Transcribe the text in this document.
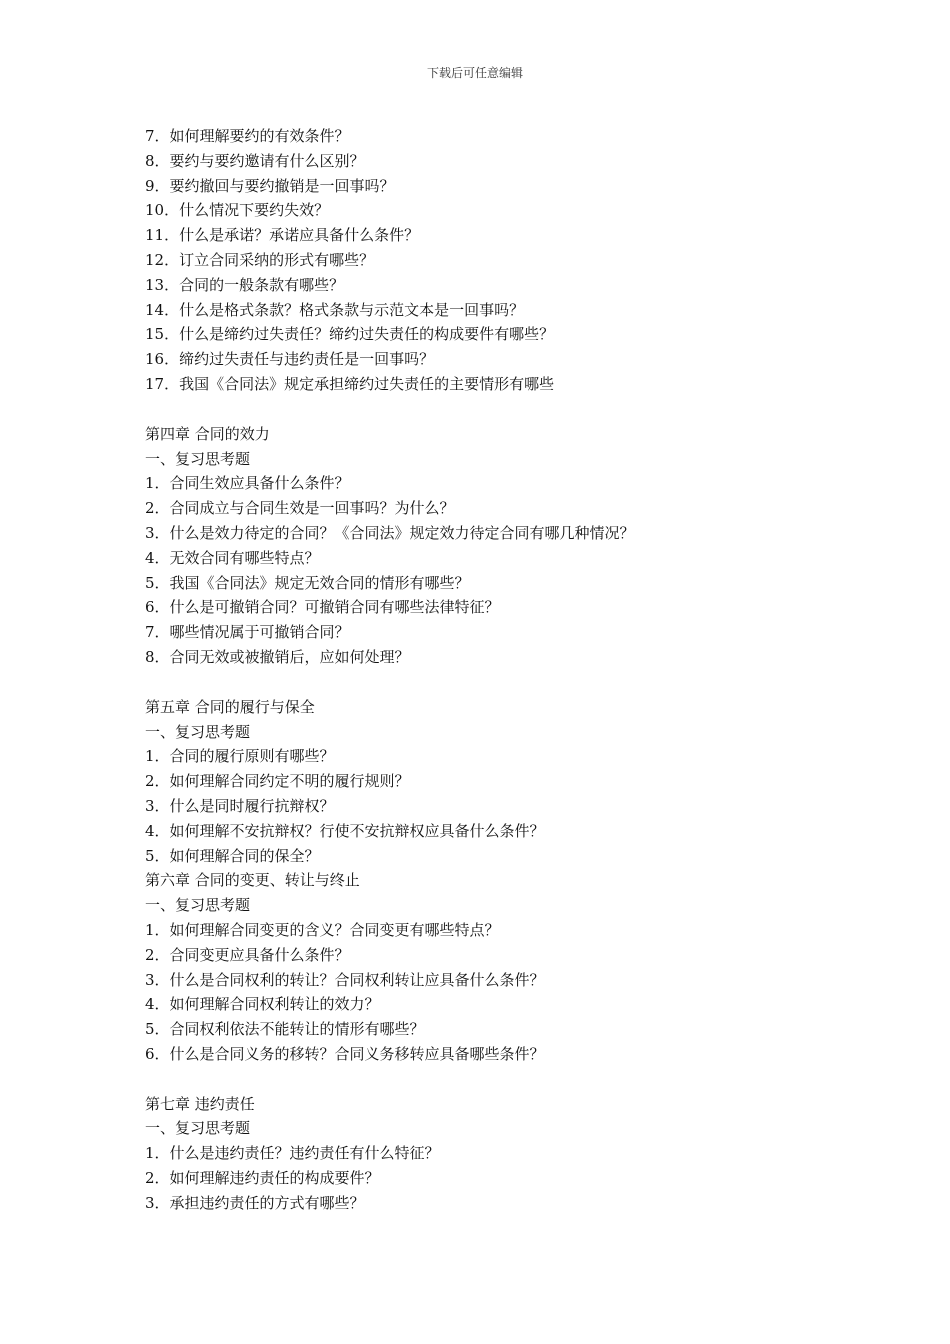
下载后可任意编辑
7．如何理解要约的有效条件？
8．要约与要约邀请有什么区别？
9．要约撤回与要约撤销是一回事吗？
10．什么情况下要约失效？
11．什么是承诺？承诺应具备什么条件？
12．订立合同采纳的形式有哪些？
13．合同的一般条款有哪些？
14．什么是格式条款？格式条款与示范文本是一回事吗？
15．什么是缔约过失责任？缔约过失责任的构成要件有哪些？
16．缔约过失责任与违约责任是一回事吗？
17．我国《合同法》规定承担缔约过失责任的主要情形有哪些
第四章 合同的效力
一、复习思考题
1．合同生效应具备什么条件？
2．合同成立与合同生效是一回事吗？为什么？
3．什么是效力待定的合同？《合同法》规定效力待定合同有哪几种情况？
4．无效合同有哪些特点？
5．我国《合同法》规定无效合同的情形有哪些？
6．什么是可撤销合同？可撤销合同有哪些法律特征？
7．哪些情况属于可撤销合同？
8．合同无效或被撤销后，应如何处理？
第五章 合同的履行与保全
一、复习思考题
1．合同的履行原则有哪些？
2．如何理解合同约定不明的履行规则？
3．什么是同时履行抗辩权？
4．如何理解不安抗辩权？行使不安抗辩权应具备什么条件？
5．如何理解合同的保全？
第六章 合同的变更、转让与终止
一、复习思考题
1．如何理解合同变更的含义？合同变更有哪些特点？
2．合同变更应具备什么条件？
3．什么是合同权利的转让？合同权利转让应具备什么条件？
4．如何理解合同权利转让的效力？
5．合同权利依法不能转让的情形有哪些？
6．什么是合同义务的移转？合同义务移转应具备哪些条件？
第七章 违约责任
一、复习思考题
1．什么是违约责任？违约责任有什么特征？
2．如何理解违约责任的构成要件？
3．承担违约责任的方式有哪些？
